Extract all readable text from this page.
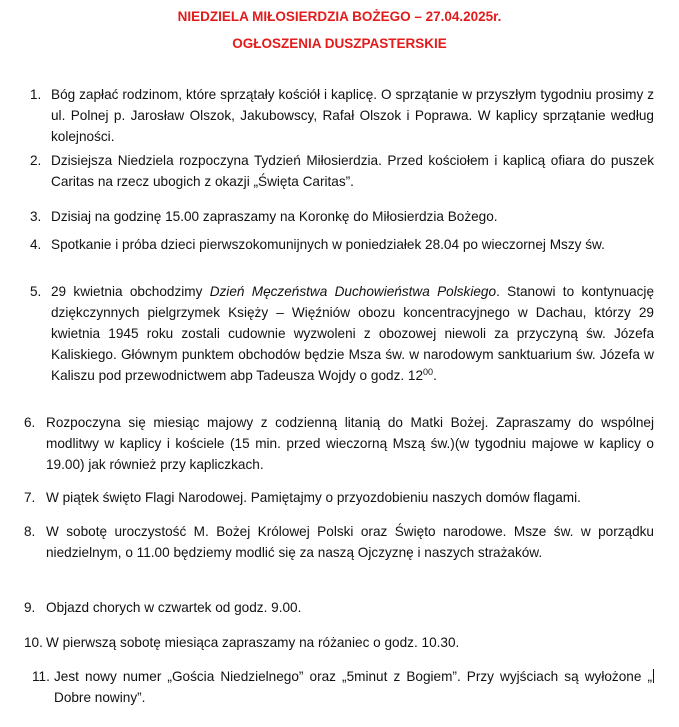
NIEDZIELA MIŁOSIERDZIA BOŻEGO – 27.04.2025r.
OGŁOSZENIA DUSZPASTERSKIE
1. Bóg zapłać rodzinom, które sprzątały kościół i kaplicę. O sprzątanie w przyszłym tygodniu prosimy z ul. Polnej p. Jarosław Olszok, Jakubowscy, Rafał Olszok i Poprawa. W kaplicy sprzątanie według kolejności.
2. Dzisiejsza Niedziela rozpoczyna Tydzień Miłosierdzia. Przed kościołem i kaplicą ofiara do puszek Caritas na rzecz ubogich z okazji „Święta Caritas”.
3. Dzisiaj na godzinę 15.00 zapraszamy na Koronkę do Miłosierdzia Bożego.
4. Spotkanie i próba dzieci pierwszokomunijnych w poniedziałek 28.04 po wieczornej Mszy św.
5. 29 kwietnia obchodzimy Dzień Męczeństwa Duchowieństwa Polskiego. Stanowi to kontynuację dziękczynnych pielgrzymek Księży – Więźniów obozu koncentracyjnego w Dachau, którzy 29 kwietnia 1945 roku zostali cudownie wyzwoleni z obozowej niewoli za przyczyną św. Józefa Kaliskiego. Głównym punktem obchodów będzie Msza św. w narodowym sanktuarium św. Józefa w Kaliszu pod przewodnictwem abp Tadeusza Wojdy o godz. $12^{00}$.
6. Rozpoczyna się miesiąc majowy z codzienną litanią do Matki Bożej. Zapraszamy do wspólnej modlitwy w kaplicy i kościele (15 min. przed wieczorną Mszą św.)(w tygodniu majowe w kaplicy o 19.00) jak również przy kapliczkach.
7. W piątek święto Flagi Narodowej. Pamiętajmy o przyozdobieniu naszych domów flagami.
8. W sobotę uroczystość M. Bożej Królowej Polski oraz Święto narodowe. Msze św. w porządku niedzielnym, o 11.00 będziemy modlić się za naszą Ojczyznę i naszych strażaków.
9. Objazd chorych w czwartek od godz. 9.00.
10. W pierwszą sobotę miesiąca zapraszamy na różaniec o godz. 10.30.
11. Jest nowy numer „Gościa Niedzielnego” oraz „5minut z Bogiem”. Przy wyjściach są wyłożone „Dobre nowiny”.
